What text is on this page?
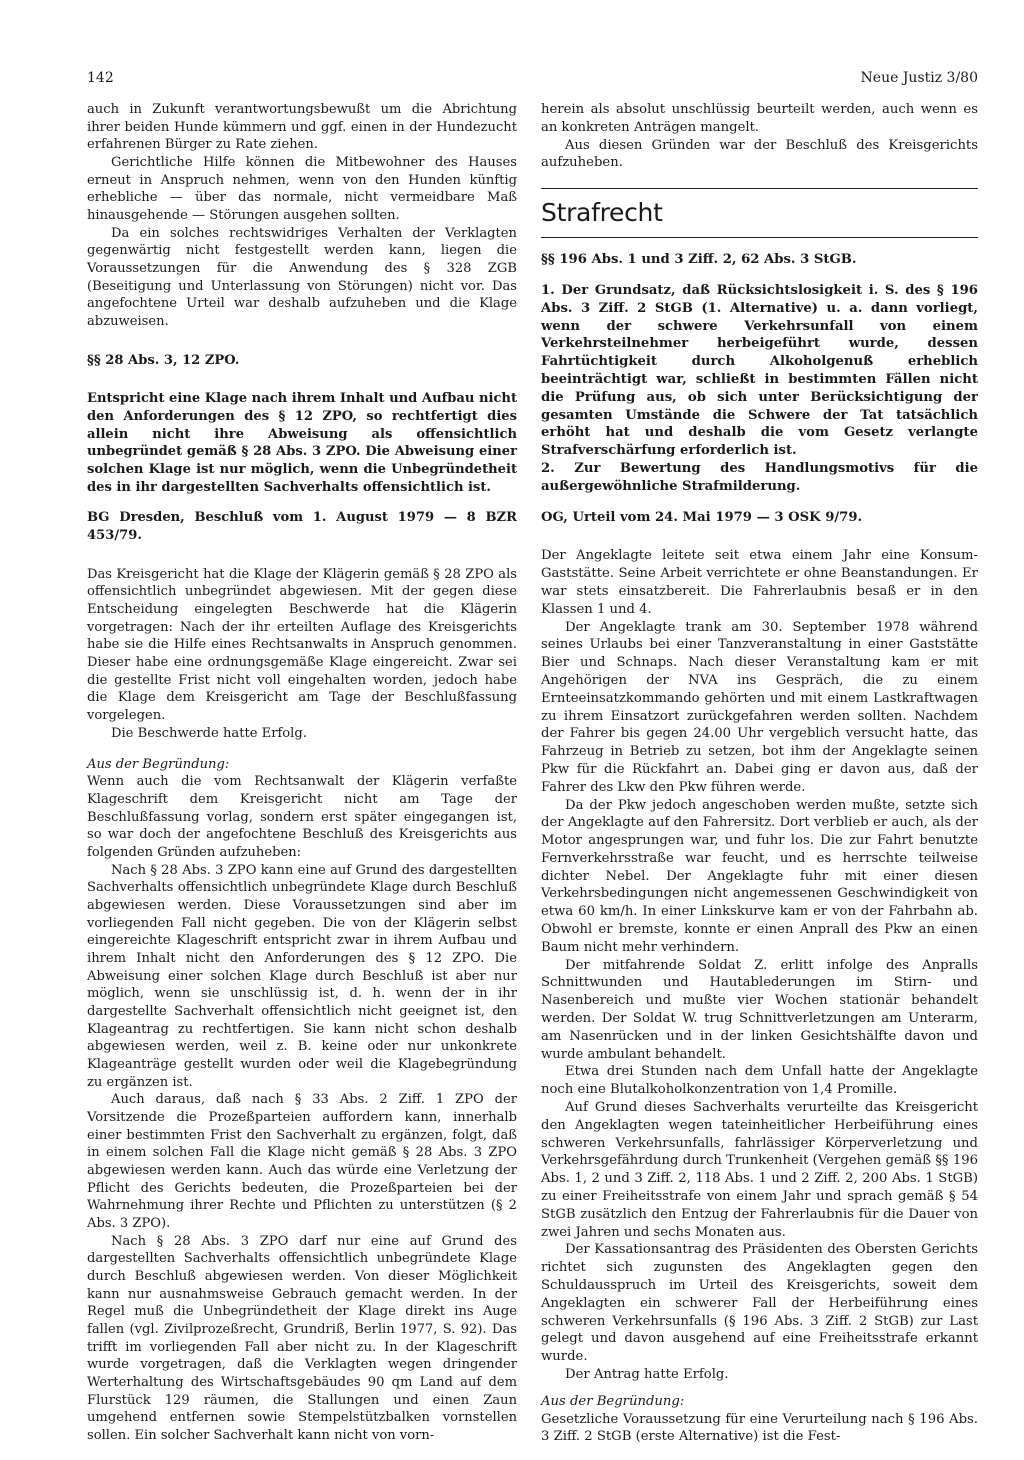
142	Neue Justiz 3/80

auch in Zukunft verantwortungsbewußt um die Abrichtung ihrer beiden Hunde kümmern und ggf. einen in der Hundezucht erfahrenen Bürger zu Rate ziehen.

Gerichtliche Hilfe können die Mitbewohner des Hauses erneut in Anspruch nehmen, wenn von den Hunden künftig erhebliche — über das normale, nicht vermeidbare Maß hinausgehende — Störungen ausgehen sollten.

Da ein solches rechtswidriges Verhalten der Verklagten gegenwärtig nicht festgestellt werden kann, liegen die Voraussetzungen für die Anwendung des § 328 ZGB (Beseitigung und Unterlassung von Störungen) nicht vor. Das angefochtene Urteil war deshalb aufzuheben und die Klage abzuweisen.

§§ 28 Abs. 3, 12 ZPO.

Entspricht eine Klage nach ihrem Inhalt und Aufbau nicht den Anforderungen des § 12 ZPO, so rechtfertigt dies allein nicht ihre Abweisung als offensichtlich unbegründet gemäß § 28 Abs. 3 ZPO. Die Abweisung einer solchen Klage ist nur möglich, wenn die Unbegründetheit des in ihr dargestellten Sachverhalts offensichtlich ist.

BG Dresden, Beschluß vom 1. August 1979 — 8 BZR 453/79.

Das Kreisgericht hat die Klage der Klägerin gemäß § 28 ZPO als offensichtlich unbegründet abgewiesen. Mit der gegen diese Entscheidung eingelegten Beschwerde hat die Klägerin vorgetragen: Nach der ihr erteilten Auflage des Kreisgerichts habe sie die Hilfe eines Rechtsanwalts in Anspruch genommen. Dieser habe eine ordnungsgemäße Klage eingereicht. Zwar sei die gestellte Frist nicht voll eingehalten worden, jedoch habe die Klage dem Kreisgericht am Tage der Beschlußfassung vorgelegen.

Die Beschwerde hatte Erfolg.

Aus der Begründung:

Wenn auch die vom Rechtsanwalt der Klägerin verfaßte Klageschrift dem Kreisgericht nicht am Tage der Beschlußfassung vorlag, sondern erst später eingegangen ist, so war doch der angefochtene Beschluß des Kreisgerichts aus folgenden Gründen aufzuheben:

Nach § 28 Abs. 3 ZPO kann eine auf Grund des dargestellten Sachverhalts offensichtlich unbegründete Klage durch Beschluß abgewiesen werden. Diese Voraussetzungen sind aber im vorliegenden Fall nicht gegeben. Die von der Klägerin selbst eingereichte Klageschrift entspricht zwar in ihrem Aufbau und ihrem Inhalt nicht den Anforderungen des § 12 ZPO. Die Abweisung einer solchen Klage durch Beschluß ist aber nur möglich, wenn sie unschlüssig ist, d. h. wenn der in ihr dargestellte Sachverhalt offensichtlich nicht geeignet ist, den Klageantrag zu rechtfertigen. Sie kann nicht schon deshalb abgewiesen werden, weil z. B. keine oder nur unkonkrete Klageanträge gestellt wurden oder weil die Klagebegründung zu ergänzen ist.

Auch daraus, daß nach § 33 Abs. 2 Ziff. 1 ZPO der Vorsitzende die Prozeßparteien auffordern kann, innerhalb einer bestimmten Frist den Sachverhalt zu ergänzen, folgt, daß in einem solchen Fall die Klage nicht gemäß § 28 Abs. 3 ZPO abgewiesen werden kann. Auch das würde eine Verletzung der Pflicht des Gerichts bedeuten, die Prozeßparteien bei der Wahrnehmung ihrer Rechte und Pflichten zu unterstützen (§ 2 Abs. 3 ZPO).

Nach § 28 Abs. 3 ZPO darf nur eine auf Grund des dargestellten Sachverhalts offensichtlich unbegründete Klage durch Beschluß abgewiesen werden. Von dieser Möglichkeit kann nur ausnahmsweise Gebrauch gemacht werden. In der Regel muß die Unbegründetheit der Klage direkt ins Auge fallen (vgl. Zivilprozeßrecht, Grundriß, Berlin 1977, S. 92). Das trifft im vorliegenden Fall aber nicht zu. In der Klageschrift wurde vorgetragen, daß die Verklagten wegen dringender Werterhaltung des Wirtschaftsgebäudes 90 qm Land auf dem Flurstück 129 räumen, die Stallungen und einen Zaun umgehend entfernen sowie Stempelstützbalken vornstellen sollen. Ein solcher Sachverhalt kann nicht von vorn-

herein als absolut unschlüssig beurteilt werden, auch wenn es an konkreten Anträgen mangelt.

Aus diesen Gründen war der Beschluß des Kreisgerichts aufzuheben.

Strafrecht

§§ 196 Abs. 1 und 3 Ziff. 2, 62 Abs. 3 StGB.

1. Der Grundsatz, daß Rücksichtslosigkeit i. S. des § 196 Abs. 3 Ziff. 2 StGB (1. Alternative) u. a. dann vorliegt, wenn der schwere Verkehrsunfall von einem Verkehrsteilnehmer herbeigeführt wurde, dessen Fahrtüchtigkeit durch Alkoholgenuß erheblich beeinträchtigt war, schließt in bestimmten Fällen nicht die Prüfung aus, ob sich unter Berücksichtigung der gesamten Umstände die Schwere der Tat tatsächlich erhöht hat und deshalb die vom Gesetz verlangte Strafverschärfung erforderlich ist.

2. Zur Bewertung des Handlungsmotivs für die außergewöhnliche Strafmilderung.

OG, Urteil vom 24. Mai 1979 — 3 OSK 9/79.

Der Angeklagte leitete seit etwa einem Jahr eine Konsum-Gaststätte. Seine Arbeit verrichtete er ohne Beanstandungen. Er war stets einsatzbereit. Die Fahrerlaubnis besaß er in den Klassen 1 und 4.

Der Angeklagte trank am 30. September 1978 während seines Urlaubs bei einer Tanzveranstaltung in einer Gaststätte Bier und Schnaps. Nach dieser Veranstaltung kam er mit Angehörigen der NVA ins Gespräch, die zu einem Ernteeinsatzkommando gehörten und mit einem Lastkraftwagen zu ihrem Einsatzort zurückgefahren werden sollten. Nachdem der Fahrer bis gegen 24.00 Uhr vergeblich versucht hatte, das Fahrzeug in Betrieb zu setzen, bot ihm der Angeklagte seinen Pkw für die Rückfahrt an. Dabei ging er davon aus, daß der Fahrer des Lkw den Pkw führen werde.

Da der Pkw jedoch angeschoben werden mußte, setzte sich der Angeklagte auf den Fahrersitz. Dort verblieb er auch, als der Motor angesprungen war, und fuhr los. Die zur Fahrt benutzte Fernverkehrsstraße war feucht, und es herrschte teilweise dichter Nebel. Der Angeklagte fuhr mit einer diesen Verkehrsbedingungen nicht angemessenen Geschwindigkeit von etwa 60 km/h. In einer Linkskurve kam er von der Fahrbahn ab. Obwohl er bremste, konnte er einen Anprall des Pkw an einen Baum nicht mehr verhindern.

Der mitfahrende Soldat Z. erlitt infolge des Anpralls Schnittwunden und Hautablederungen im Stirn- und Nasenbereich und mußte vier Wochen stationär behandelt werden. Der Soldat W. trug Schnittverletzungen am Unterarm, am Nasenrücken und in der linken Gesichtshälfte davon und wurde ambulant behandelt.

Etwa drei Stunden nach dem Unfall hatte der Angeklagte noch eine Blutalkoholkonzentration von 1,4 Promille.

Auf Grund dieses Sachverhalts verurteilte das Kreisgericht den Angeklagten wegen tateinheitlicher Herbeiführung eines schweren Verkehrsunfalls, fahrlässiger Körperverletzung und Verkehrsgefährdung durch Trunkenheit (Vergehen gemäß §§ 196 Abs. 1, 2 und 3 Ziff. 2, 118 Abs. 1 und 2 Ziff. 2, 200 Abs. 1 StGB) zu einer Freiheitsstrafe von einem Jahr und sprach gemäß § 54 StGB zusätzlich den Entzug der Fahrerlaubnis für die Dauer von zwei Jahren und sechs Monaten aus.

Der Kassationsantrag des Präsidenten des Obersten Gerichts richtet sich zugunsten des Angeklagten gegen den Schuldausspruch im Urteil des Kreisgerichts, soweit dem Angeklagten ein schwerer Fall der Herbeiführung eines schweren Verkehrsunfalls (§ 196 Abs. 3 Ziff. 2 StGB) zur Last gelegt und davon ausgehend auf eine Freiheitsstrafe erkannt wurde.

Der Antrag hatte Erfolg.

Aus der Begründung:

Gesetzliche Voraussetzung für eine Verurteilung nach § 196 Abs. 3 Ziff. 2 StGB (erste Alternative) ist die Fest-
